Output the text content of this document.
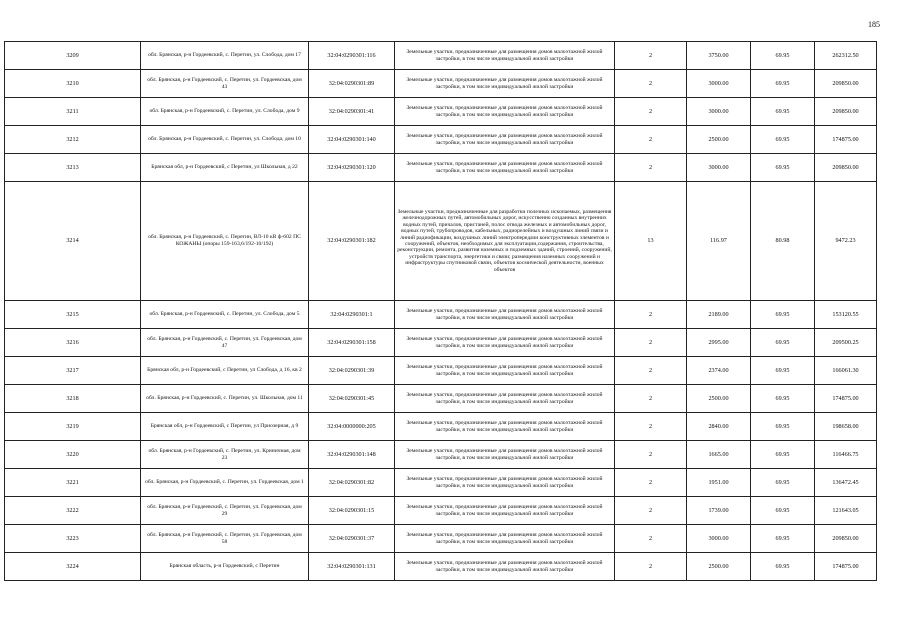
185
3209	обл. Брянская, р-н Гордеевский, с. Перетин, ул. Слобода, дом 17	32:04:0290301:116	Земельные участки, предназначенные для размещения домов малоэтажной жилой застройки, в том числе индивидуальной жилой застройки	2	3750.00	69.95	262312.50
3210	обл. Брянская, р-н Гордеевский, с. Перетин, ул. Гордеевская, дом 43	32:04:0290301:89	Земельные участки, предназначенные для размещения домов малоэтажной жилой застройки, в том числе индивидуальной жилой застройки	2	3000.00	69.95	209850.00
3211	обл. Брянская, р-н Гордеевский, с. Перетин, ул. Слобода, дом 9	32:04:0290301:41	Земельные участки, предназначенные для размещения домов малоэтажной жилой застройки, в том числе индивидуальной жилой застройки	2	3000.00	69.95	209850.00
3212	обл. Брянская, р-н Гордеевский, с. Перетин, ул. Слобода, дом 10	32:04:0290301:140	Земельные участки, предназначенные для размещения домов малоэтажной жилой застройки, в том числе индивидуальной жилой застройки	2	2500.00	69.95	174875.00
3213	Брянская обл, р-н Гордеевский, с Перетин, ул Школьная, д 22	32:04:0290301:120	Земельные участки, предназначенные для размещения домов малоэтажной жилой застройки, в том числе индивидуальной жилой застройки	2	3000.00	69.95	209850.00
3214	обл. Брянская, р-н Гордеевский, с. Перетин, ВЛ-10 кВ ф-602 ПС КОЖАНЫ (опоры 159-163,6/192-10/192)	32:04:0290301:182	Земельные участки, предназначенные для разработки полезных ископаемых, размещения железнодорожных путей, автомобильных дорог, искусственно созданных внутренних водных путей, причалов, пристаней, полос отвода железных и автомобильных дорог, водных путей, трубопроводов, кабельных, радиорелейных и воздушных линий связи и линий радиофикации, воздушных линий электропередачи конструктивных элементов и сооружений, объектов, необходимых для эксплуатации,содержания, строительства, реконструкции, ремонта, развития наземных и подземных зданий, строений, сооружений, устройств транспорта, энергетики и связи; размещения наземных сооружений и инфраструктуры спутниковой связи, объектов космической деятельности, военных объектов	13	116.97	80.98	9472.23
3215	обл. Брянская, р-н Гордеевский, с. Перетин, ул. Слобода, дом 5	32:04:0290301:1	Земельные участки, предназначенные для размещения домов малоэтажной жилой застройки, в том числе индивидуальной жилой застройки	2	2189.00	69.95	153120.55
3216	обл. Брянская, р-н Гордеевский, с. Перетин, ул. Гордеевская, дом 47	32:04:0290301:158	Земельные участки, предназначенные для размещения домов малоэтажной жилой застройки, в том числе индивидуальной жилой застройки	2	2995.00	69.95	209500.25
3217	Брянская обл, р-н Гордеевский, с Перетин, ул Слобода, д 16, кв 2	32:04:0290301:39	Земельные участки, предназначенные для размещения домов малоэтажной жилой застройки, в том числе индивидуальной жилой застройки	2	2374.00	69.95	166061.30
3218	обл. Брянская, р-н Гордеевский, с. Перетин, ул. Школьная, дом 11	32:04:0290301:45	Земельные участки, предназначенные для размещения домов малоэтажной жилой застройки, в том числе индивидуальной жилой застройки	2	2500.00	69.95	174875.00
3219	Брянская обл, р-н Гордеевский, с Перетин, ул Приозерная, д 9	32:04:0000000:205	Земельные участки, предназначенные для размещения домов малоэтажной жилой застройки, в том числе индивидуальной жилой застройки	2	2840.00	69.95	198658.00
3220	обл. Брянская, р-н Гордеевский, с. Перетин, ул. Криничная, дом 23	32:04:0290301:148	Земельные участки, предназначенные для размещения домов малоэтажной жилой застройки, в том числе индивидуальной жилой застройки	2	1665.00	69.95	116466.75
3221	обл. Брянская, р-н Гордеевский, с. Перетин, ул. Гордеевская, дом 1	32:04:0290301:82	Земельные участки, предназначенные для размещения домов малоэтажной жилой застройки, в том числе индивидуальной жилой застройки	2	1951.00	69.95	136472.45
3222	обл. Брянская, р-н Гордеевский, с. Перетин, ул. Гордеевская, дом 29	32:04:0290301:15	Земельные участки, предназначенные для размещения домов малоэтажной жилой застройки, в том числе индивидуальной жилой застройки	2	1739.00	69.95	121643.05
3223	обл. Брянская, р-н Гордеевский, с. Перетин, ул. Гордеевская, дом 58	32:04:0290301:37	Земельные участки, предназначенные для размещения домов малоэтажной жилой застройки, в том числе индивидуальной жилой застройки	2	3000.00	69.95	209850.00
3224	Брянская область, р-н Гордеевский, с Перетин	32:04:0290301:131	Земельные участки, предназначенные для размещения домов малоэтажной жилой застройки, в том числе индивидуальной жилой застройки	2	2500.00	69.95	174875.00
